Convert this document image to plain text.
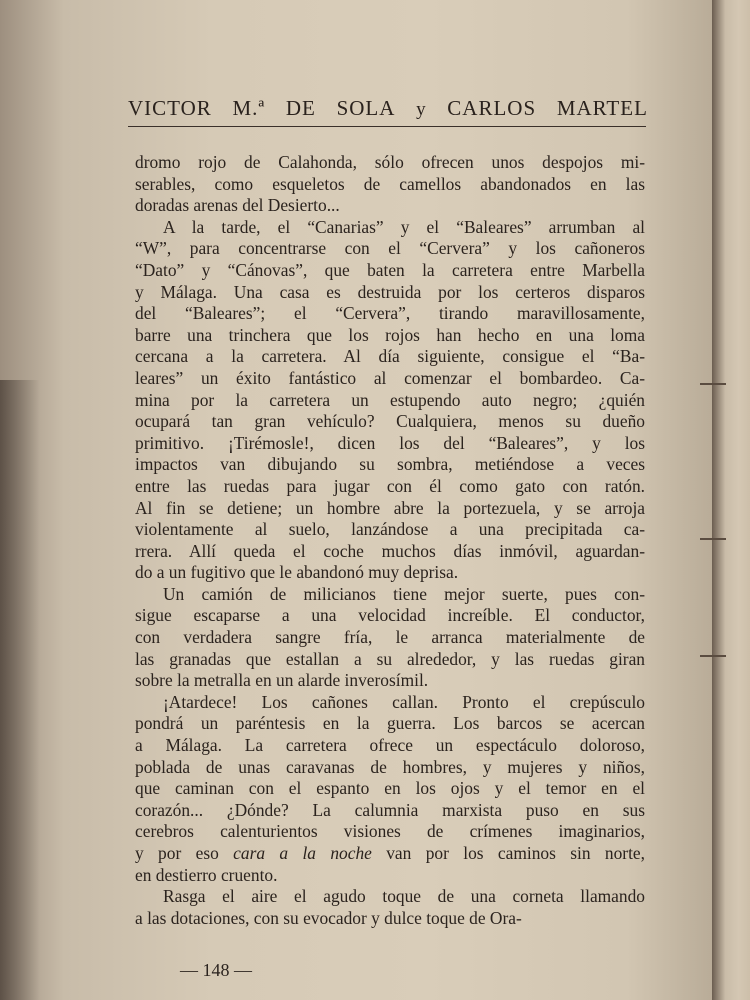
VICTOR M.ª DE SOLA y CARLOS MARTEL
dromo rojo de Calahonda, sólo ofrecen unos despojos mi-
serables, como esqueletos de camellos abandonados en las
doradas arenas del Desierto...
A la tarde, el “Canarias” y el “Baleares” arrumban al
“W”, para concentrarse con el “Cervera” y los cañoneros
“Dato” y “Cánovas”, que baten la carretera entre Marbella
y Málaga. Una casa es destruida por los certeros disparos
del “Baleares”; el “Cervera”, tirando maravillosamente,
barre una trinchera que los rojos han hecho en una loma
cercana a la carretera. Al día siguiente, consigue el “Ba-
leares” un éxito fantástico al comenzar el bombardeo. Ca-
mina por la carretera un estupendo auto negro; ¿quién
ocupará tan gran vehículo? Cualquiera, menos su dueño
primitivo. ¡Tirémosle!, dicen los del “Baleares”, y los
impactos van dibujando su sombra, metiéndose a veces
entre las ruedas para jugar con él como gato con ratón.
Al fin se detiene; un hombre abre la portezuela, y se arroja
violentamente al suelo, lanzándose a una precipitada ca-
rrera. Allí queda el coche muchos días inmóvil, aguardan-
do a un fugitivo que le abandonó muy deprisa.
Un camión de milicianos tiene mejor suerte, pues con-
sigue escaparse a una velocidad increíble. El conductor,
con verdadera sangre fría, le arranca materialmente de
las granadas que estallan a su alrededor, y las ruedas giran
sobre la metralla en un alarde inverosímil.
¡Atardece! Los cañones callan. Pronto el crepúsculo
pondrá un paréntesis en la guerra. Los barcos se acercan
a Málaga. La carretera ofrece un espectáculo doloroso,
poblada de unas caravanas de hombres, y mujeres y niños,
que caminan con el espanto en los ojos y el temor en el
corazón... ¿Dónde? La calumnia marxista puso en sus
cerebros calenturientos visiones de crímenes imaginarios,
y por eso cara a la noche van por los caminos sin norte,
en destierro cruento.
Rasga el aire el agudo toque de una corneta llamando
a las dotaciones, con su evocador y dulce toque de Ora-
— 148 —
